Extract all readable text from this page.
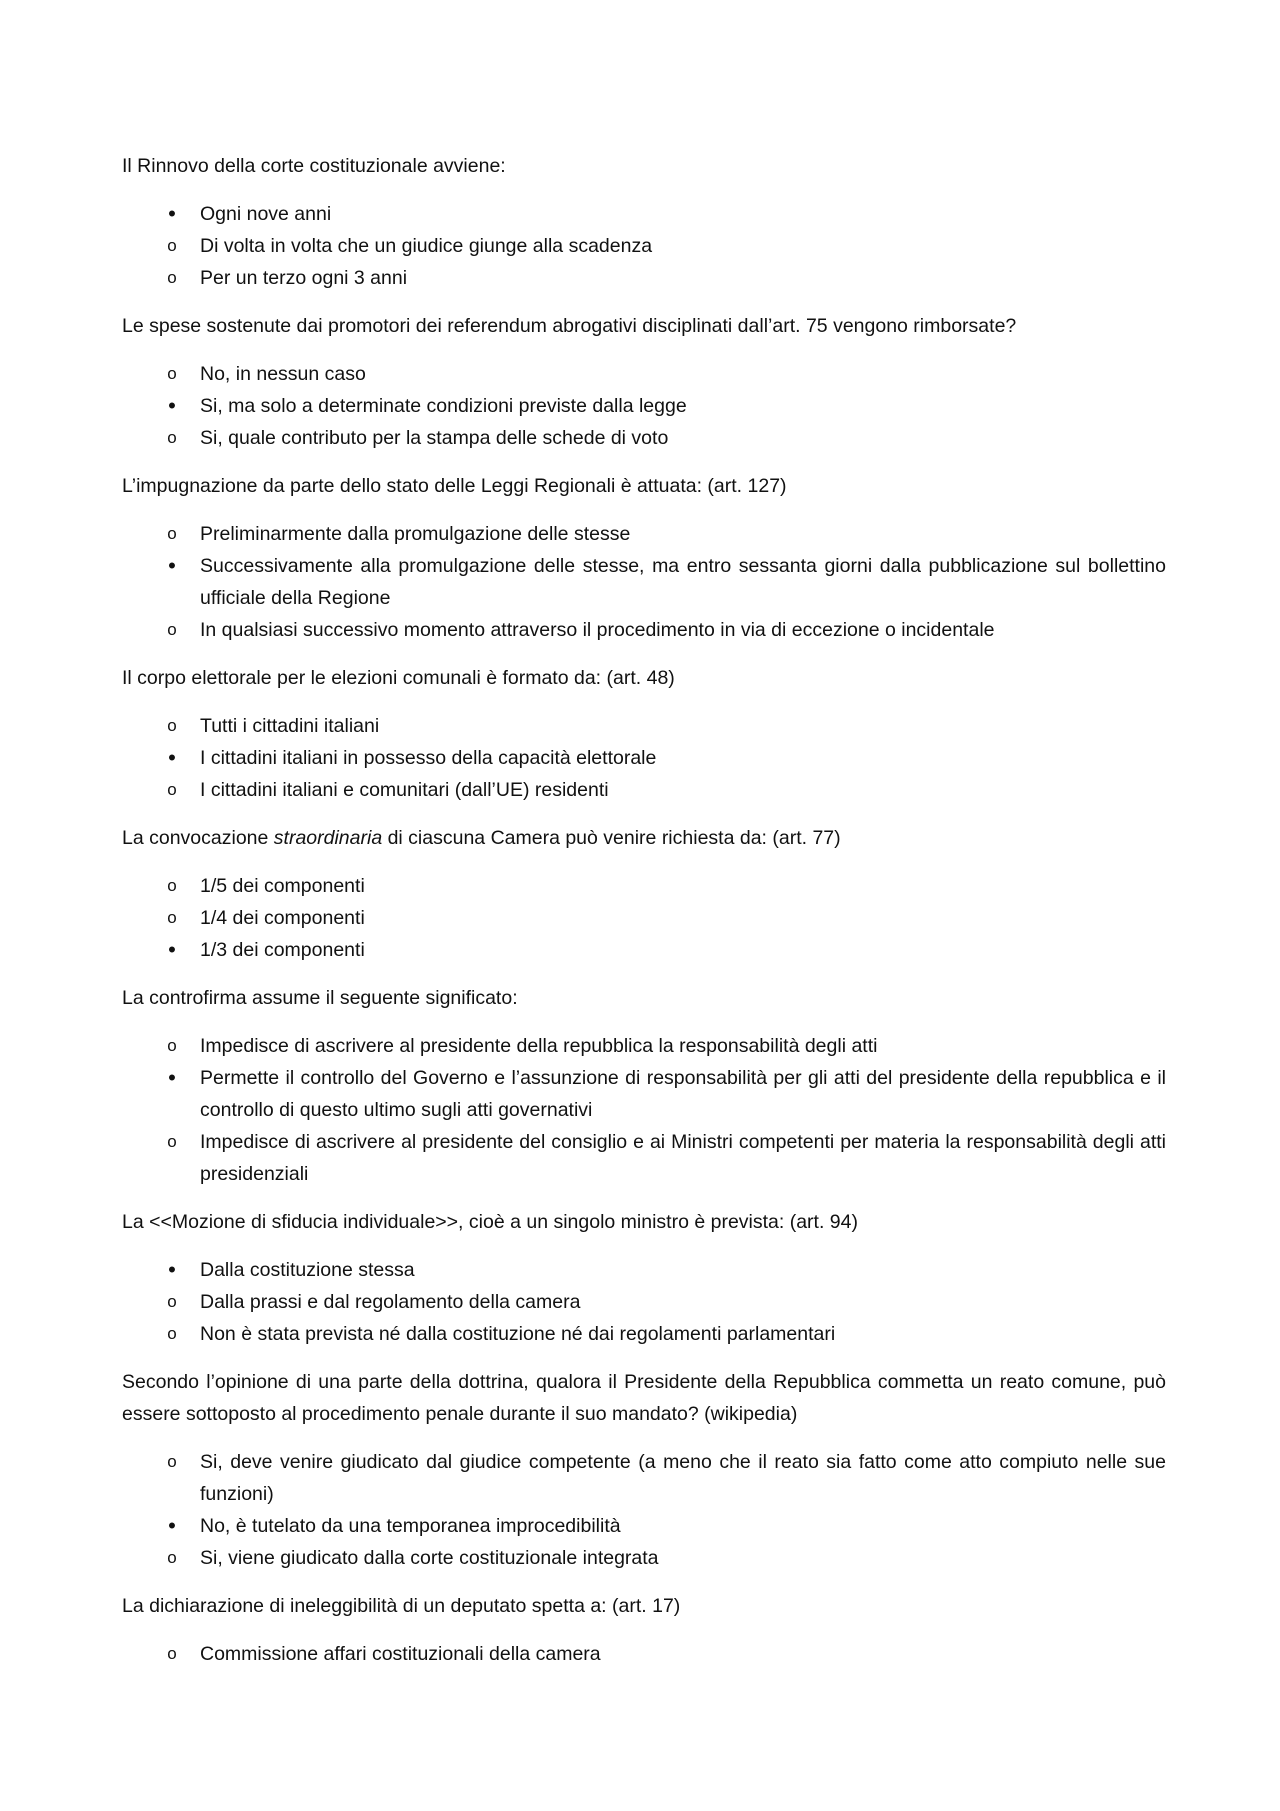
Il Rinnovo della corte costituzionale avviene:

• Ogni nove anni
o Di volta in volta che un giudice giunge alla scadenza
o Per un terzo ogni 3 anni

Le spese sostenute dai promotori dei referendum abrogativi disciplinati dall’art. 75 vengono rimborsate?

o No, in nessun caso
• Si, ma solo a determinate condizioni previste dalla legge
o Si, quale contributo per la stampa delle schede di voto

L’impugnazione da parte dello stato delle Leggi Regionali è attuata: (art. 127)

o Preliminarmente dalla promulgazione delle stesse
• Successivamente alla promulgazione delle stesse, ma entro sessanta giorni dalla pubblicazione sul bollettino ufficiale della Regione
o In qualsiasi successivo momento attraverso il procedimento in via di eccezione o incidentale

Il corpo elettorale per le elezioni comunali è formato da: (art. 48)

o Tutti i cittadini italiani
• I cittadini italiani in possesso della capacità elettorale
o I cittadini italiani e comunitari (dall’UE) residenti

La convocazione straordinaria di ciascuna Camera può venire richiesta da: (art. 77)

o 1/5 dei componenti
o 1/4 dei componenti
• 1/3 dei componenti

La controfirma assume il seguente significato:

o Impedisce di ascrivere al presidente della repubblica la responsabilità degli atti
• Permette il controllo del Governo e l’assunzione di responsabilità per gli atti del presidente della repubblica e il controllo di questo ultimo sugli atti governativi
o Impedisce di ascrivere al presidente del consiglio e ai Ministri competenti per materia la responsabilità degli atti presidenziali

La <<Mozione di sfiducia individuale>>, cioè a un singolo ministro è prevista: (art. 94)

• Dalla costituzione stessa
o Dalla prassi e dal regolamento della camera
o Non è stata prevista né dalla costituzione né dai regolamenti parlamentari

Secondo l’opinione di una parte della dottrina, qualora il Presidente della Repubblica commetta un reato comune, può essere sottoposto al procedimento penale durante il suo mandato? (wikipedia)

o Si, deve venire giudicato dal giudice competente (a meno che il reato sia fatto come atto compiuto nelle sue funzioni)
• No, è tutelato da una temporanea improcedibilità
o Si, viene giudicato dalla corte costituzionale integrata

La dichiarazione di ineleggibilità di un deputato spetta a: (art. 17)

o Commissione affari costituzionali della camera
